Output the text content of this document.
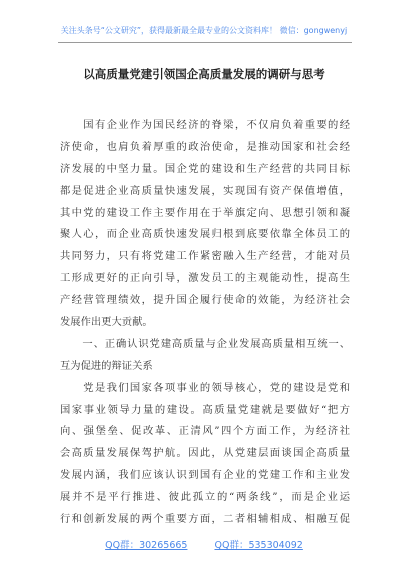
关注头条号“公文研究”，获得最新最全最专业的公文资料库！ 微信：gongwenyj
以高质量党建引领国企高质量发展的调研与思考
　　国有企业作为国民经济的脊梁，不仅肩负着重要的经
济使命，也肩负着厚重的政治使命，是推动国家和社会经
济发展的中坚力量。国企党的建设和生产经营的共同目标
都是促进企业高质量快速发展，实现国有资产保值增值，
其中党的建设工作主要作用在于举旗定向、思想引领和凝
聚人心，而企业高质快速发展归根到底要依靠全体员工的
共同努力，只有将党建工作紧密融入生产经营，才能对员
工形成更好的正向引导，激发员工的主观能动性，提高生
产经营管理绩效，提升国企履行使命的效能，为经济社会
发展作出更大贡献。
　　一、正确认识党建高质量与企业发展高质量相互统一、
互为促进的辩证关系
　　党是我们国家各项事业的领导核心，党的建设是党和
国家事业领导力量的建设。高质量党建就是要做好“把方
向、强堡垒、促改革、正清风”四个方面工作，为经济社
会高质量发展保驾护航。因此，从党建层面谈国企高质量
发展内涵，我们应该认识到国有企业的党建工作和主业发
展并不是平行推进、彼此孤立的“两条线”，而是企业运
行和创新发展的两个重要方面，二者相辅相成、相融互促
QQ群：30265665	QQ群：535304092
